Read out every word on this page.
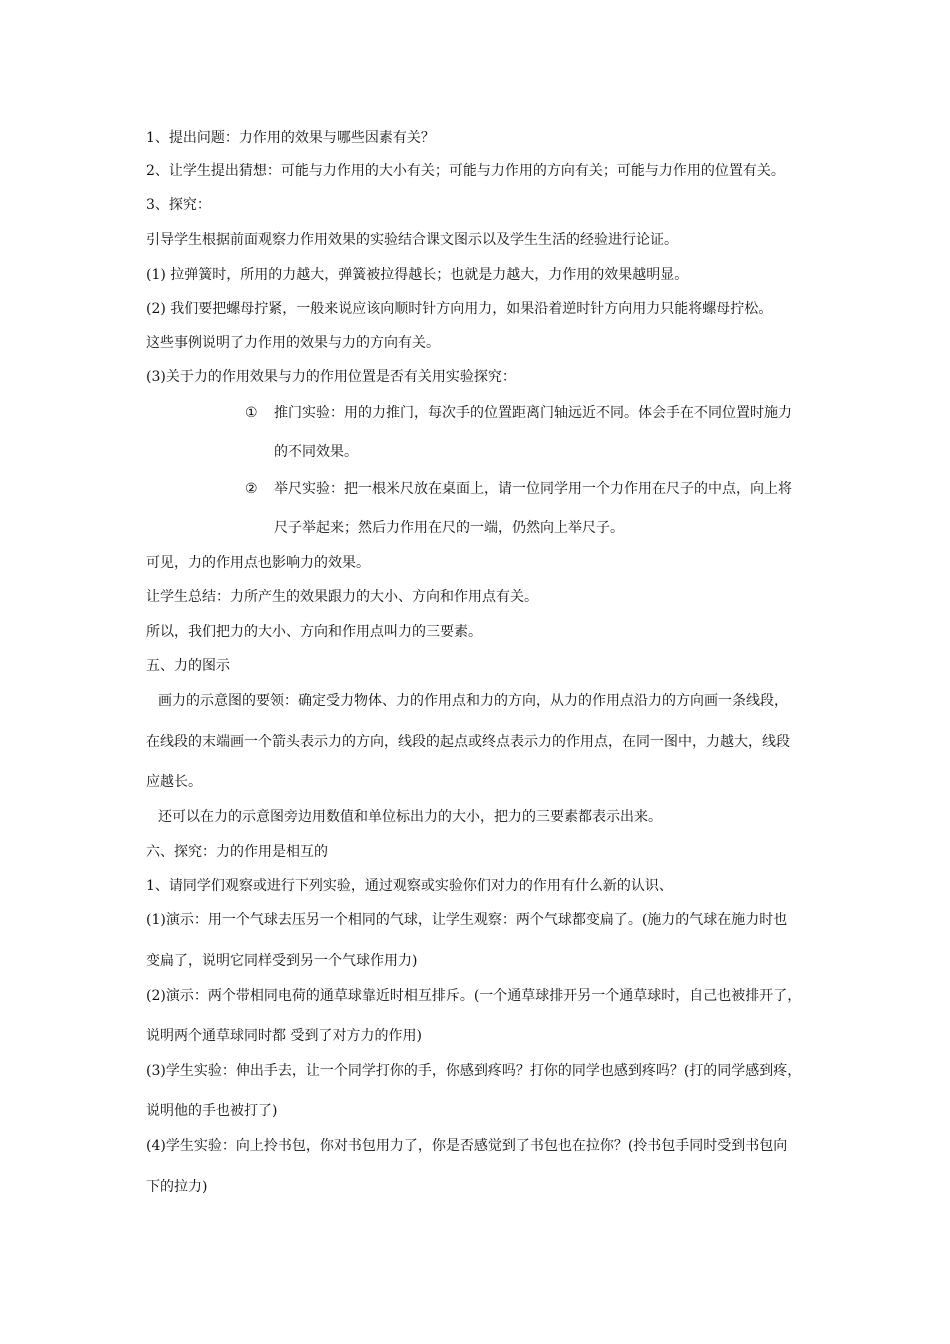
1、提出问题：力作用的效果与哪些因素有关？
2、让学生提出猜想：可能与力作用的大小有关；可能与力作用的方向有关；可能与力作用的位置有关。
3、探究：
引导学生根据前面观察力作用效果的实验结合课文图示以及学生生活的经验进行论证。
(1) 拉弹簧时，所用的力越大，弹簧被拉得越长；也就是力越大，力作用的效果越明显。
(2) 我们要把螺母拧紧，一般来说应该向顺时针方向用力，如果沿着逆时针方向用力只能将螺母拧松。
这些事例说明了力作用的效果与力的方向有关。
(3)关于力的作用效果与力的作用位置是否有关用实验探究：
① 推门实验：用的力推门，每次手的位置距离门轴远近不同。体会手在不同位置时施力
的不同效果。
② 举尺实验：把一根米尺放在桌面上，请一位同学用一个力作用在尺子的中点，向上将
尺子举起来；然后力作用在尺的一端，仍然向上举尺子。
可见，力的作用点也影响力的效果。
让学生总结：力所产生的效果跟力的大小、方向和作用点有关。
所以，我们把力的大小、方向和作用点叫力的三要素。
五、力的图示
画力的示意图的要领：确定受力物体、力的作用点和力的方向，从力的作用点沿力的方向画一条线段，
在线段的末端画一个箭头表示力的方向，线段的起点或终点表示力的作用点，在同一图中，力越大，线段
应越长。
还可以在力的示意图旁边用数值和单位标出力的大小，把力的三要素都表示出来。
六、探究：力的作用是相互的
1、请同学们观察或进行下列实验，通过观察或实验你们对力的作用有什么新的认识、
(1)演示：用一个气球去压另一个相同的气球，让学生观察：两个气球都变扁了。(施力的气球在施力时也
变扁了，说明它同样受到另一个气球作用力)
(2)演示：两个带相同电荷的通草球靠近时相互排斥。(一个通草球排开另一个通草球时，自己也被排开了，
说明两个通草球同时都 受到了对方力的作用)
(3)学生实验：伸出手去，让一个同学打你的手，你感到疼吗？打你的同学也感到疼吗？(打的同学感到疼，
说明他的手也被打了)
(4)学生实验：向上拎书包，你对书包用力了，你是否感觉到了书包也在拉你？(拎书包手同时受到书包向
下的拉力)
